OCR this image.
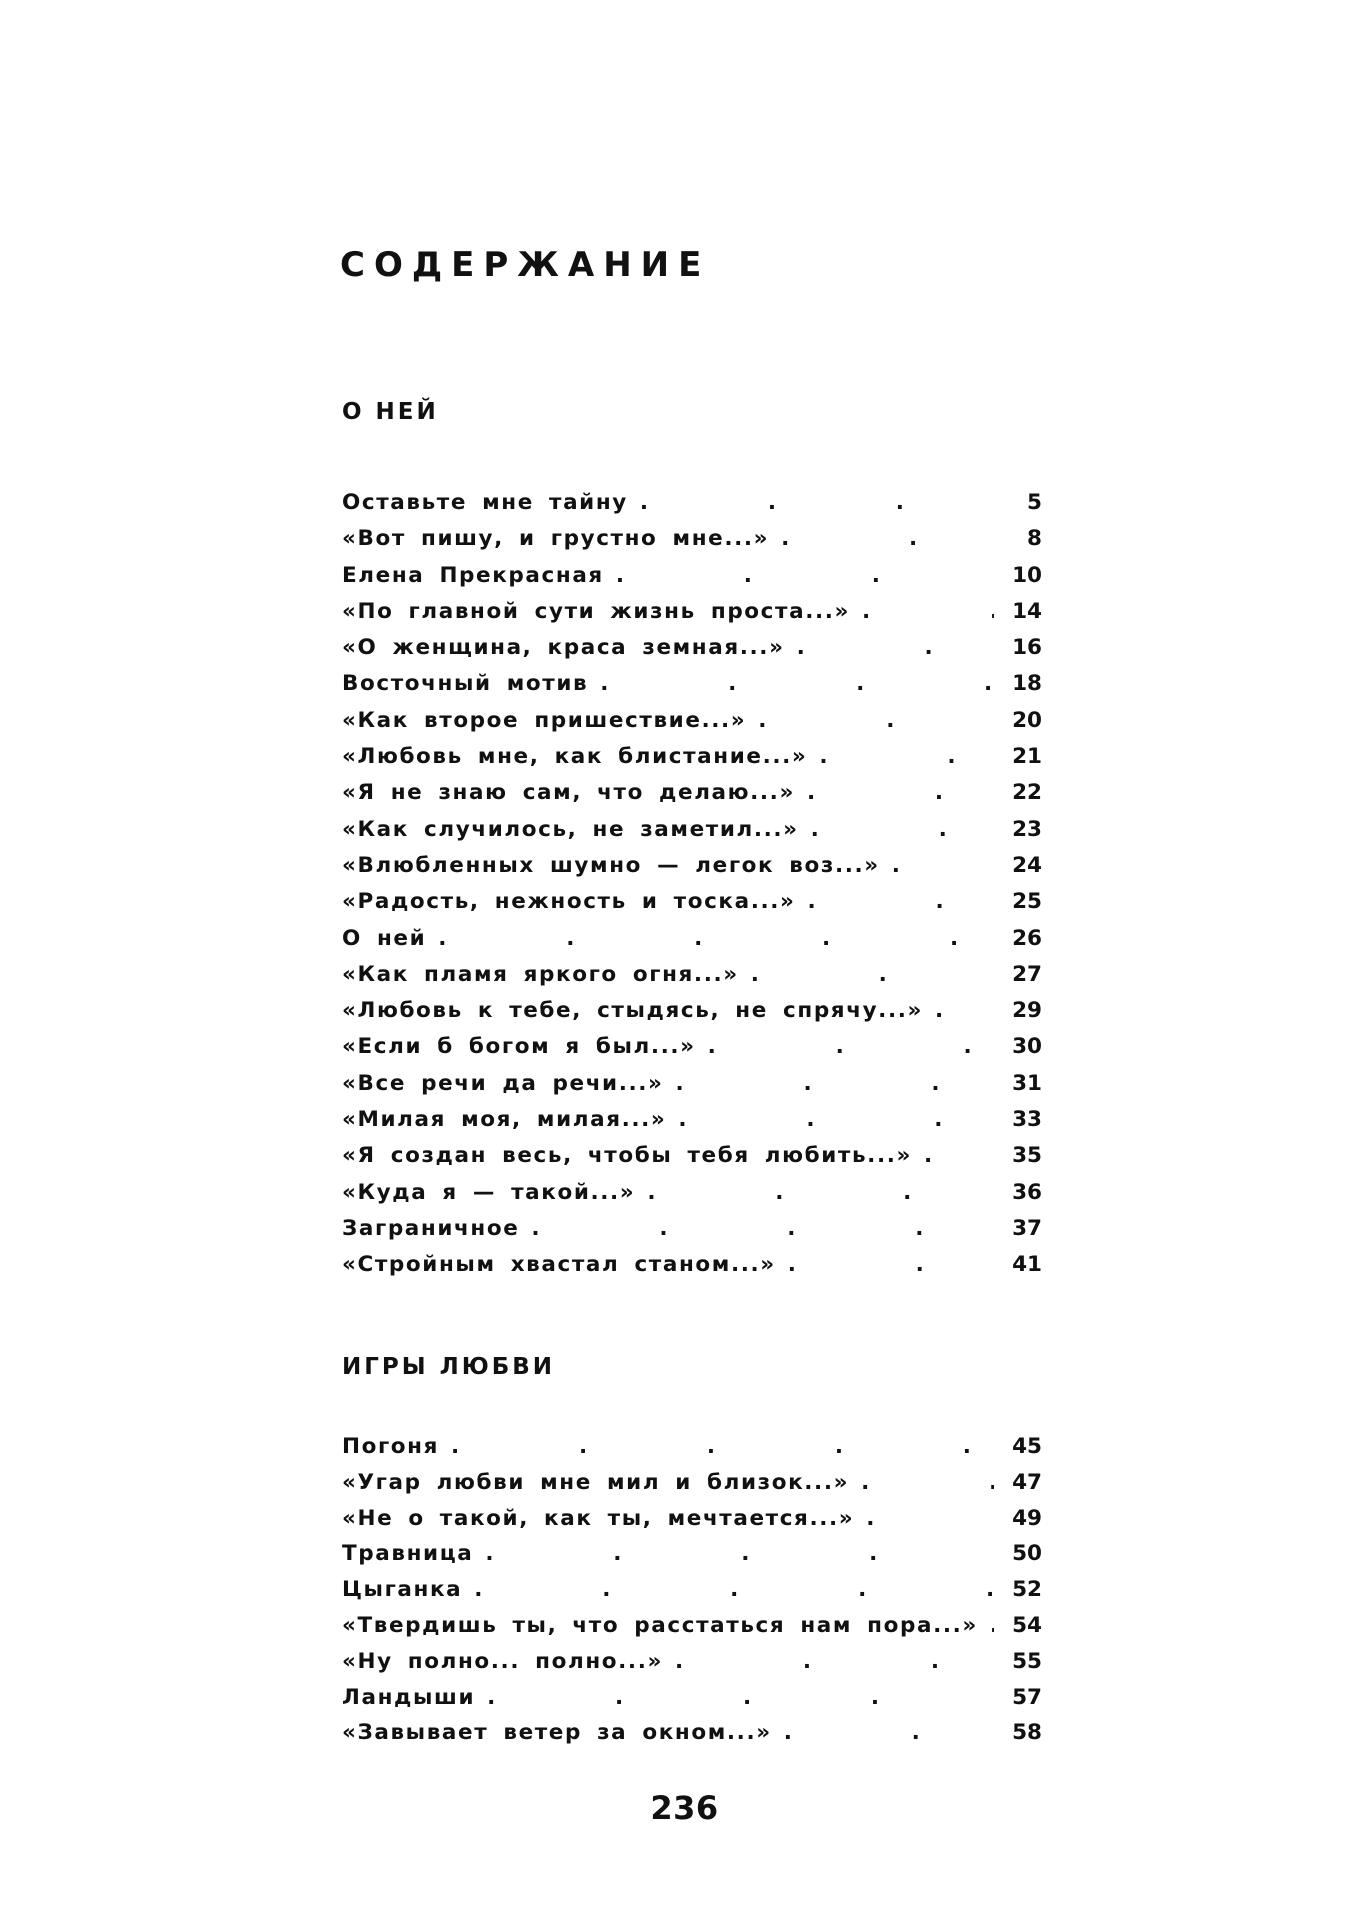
СОДЕРЖАНИЕ
О НЕЙ
Оставьте мне тайну .	5
«Вот пишу, и грустно мне...» .	8
Елена Прекрасная .	10
«По главной сути жизнь проста...» .	14
«О женщина, краса земная...» .	16
Восточный мотив .	18
«Как второе пришествие...» .	20
«Любовь мне, как блистание...» .	21
«Я не знаю сам, что делаю...» .	22
«Как случилось, не заметил...» .	23
«Влюбленных шумно — легок воз...» .	24
«Радость, нежность и тоска...» .	25
О ней .	26
«Как пламя яркого огня...» .	27
«Любовь к тебе, стыдясь, не спрячу...» .	29
«Если б богом я был...» .	30
«Все речи да речи...» .	31
«Милая моя, милая...» .	33
«Я создан весь, чтобы тебя любить...» .	35
«Куда я — такой...» .	36
Заграничное .	37
«Стройным хвастал станом...» .	41
ИГРЫ ЛЮБВИ
Погоня .	45
«Угар любви мне мил и близок...» .	47
«Не о такой, как ты, мечтается...» .	49
Травница .	50
Цыганка .	52
«Твердишь ты, что расстаться нам пора...» .	54
«Ну полно... полно...» .	55
Ландыши .	57
«Завывает ветер за окном...» .	58
236
